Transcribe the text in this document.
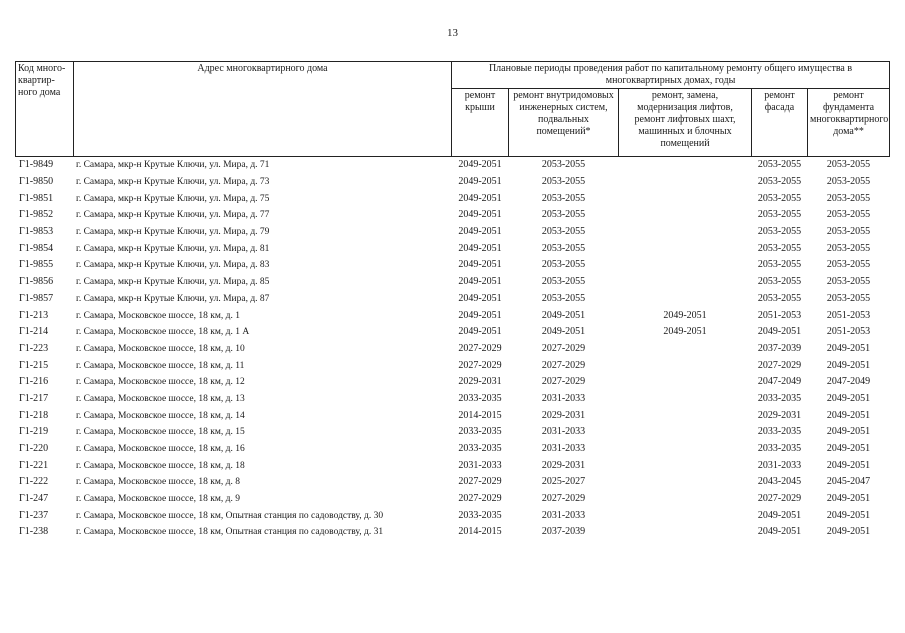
13
Код много-квартир-ного дома	Адрес многоквартирного дома	Плановые периоды проведения работ по капитальному ремонту общего имущества в многоквартирных домах, годы				
		ремонт крыши	ремонт внутридомовых инженерных систем, подвальных помещений*	ремонт, замена, модернизация лифтов, ремонт лифтовых шахт, машинных и блочных помещений	ремонт фасада	ремонт фундамента многоквартирного дома**
Г1-9849	г. Самара, мкр-н Крутые Ключи, ул. Мира, д. 71	2049-2051	2053-2055		2053-2055	2053-2055
Г1-9850	г. Самара, мкр-н Крутые Ключи, ул. Мира, д. 73	2049-2051	2053-2055		2053-2055	2053-2055
Г1-9851	г. Самара, мкр-н Крутые Ключи, ул. Мира, д. 75	2049-2051	2053-2055		2053-2055	2053-2055
Г1-9852	г. Самара, мкр-н Крутые Ключи, ул. Мира, д. 77	2049-2051	2053-2055		2053-2055	2053-2055
Г1-9853	г. Самара, мкр-н Крутые Ключи, ул. Мира, д. 79	2049-2051	2053-2055		2053-2055	2053-2055
Г1-9854	г. Самара, мкр-н Крутые Ключи, ул. Мира, д. 81	2049-2051	2053-2055		2053-2055	2053-2055
Г1-9855	г. Самара, мкр-н Крутые Ключи, ул. Мира, д. 83	2049-2051	2053-2055		2053-2055	2053-2055
Г1-9856	г. Самара, мкр-н Крутые Ключи, ул. Мира, д. 85	2049-2051	2053-2055		2053-2055	2053-2055
Г1-9857	г. Самара, мкр-н Крутые Ключи, ул. Мира, д. 87	2049-2051	2053-2055		2053-2055	2053-2055
Г1-213	г. Самара, Московское шоссе, 18 км, д. 1	2049-2051	2049-2051	2049-2051	2051-2053	2051-2053
Г1-214	г. Самара, Московское шоссе, 18 км, д. 1 А	2049-2051	2049-2051	2049-2051	2049-2051	2051-2053
Г1-223	г. Самара, Московское шоссе, 18 км, д. 10	2027-2029	2027-2029		2037-2039	2049-2051
Г1-215	г. Самара, Московское шоссе, 18 км, д. 11	2027-2029	2027-2029		2027-2029	2049-2051
Г1-216	г. Самара, Московское шоссе, 18 км, д. 12	2029-2031	2027-2029		2047-2049	2047-2049
Г1-217	г. Самара, Московское шоссе, 18 км, д. 13	2033-2035	2031-2033		2033-2035	2049-2051
Г1-218	г. Самара, Московское шоссе, 18 км, д. 14	2014-2015	2029-2031		2029-2031	2049-2051
Г1-219	г. Самара, Московское шоссе, 18 км, д. 15	2033-2035	2031-2033		2033-2035	2049-2051
Г1-220	г. Самара, Московское шоссе, 18 км, д. 16	2033-2035	2031-2033		2033-2035	2049-2051
Г1-221	г. Самара, Московское шоссе, 18 км, д. 18	2031-2033	2029-2031		2031-2033	2049-2051
Г1-222	г. Самара, Московское шоссе, 18 км, д. 8	2027-2029	2025-2027		2043-2045	2045-2047
Г1-247	г. Самара, Московское шоссе, 18 км, д. 9	2027-2029	2027-2029		2027-2029	2049-2051
Г1-237	г. Самара, Московское шоссе, 18 км, Опытная станция по садоводству, д. 30	2033-2035	2031-2033		2049-2051	2049-2051
Г1-238	г. Самара, Московское шоссе, 18 км, Опытная станция по садоводству, д. 31	2014-2015	2037-2039		2049-2051	2049-2051
